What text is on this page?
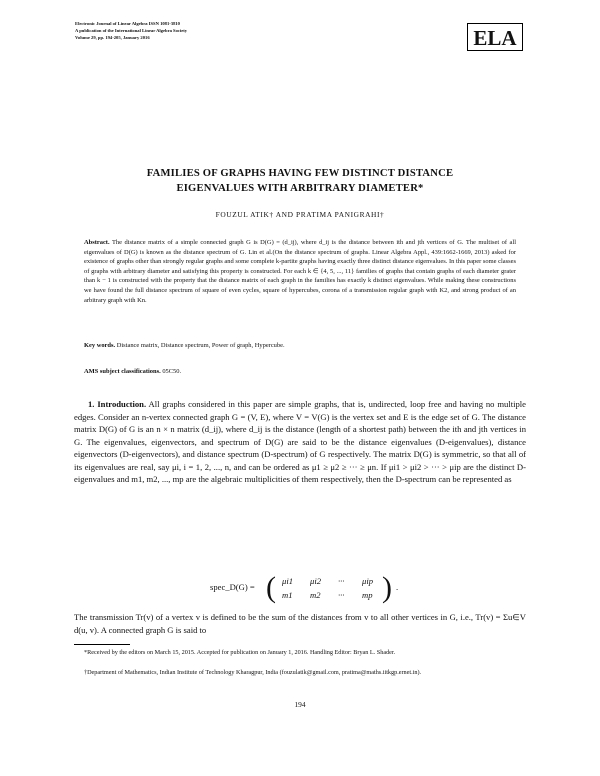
Electronic Journal of Linear Algebra ISSN 1081-3810
A publication of the International Linear Algebra Society
Volume 29, pp. 194-205, January 2016	ELA
FAMILIES OF GRAPHS HAVING FEW DISTINCT DISTANCE
EIGENVALUES WITH ARBITRARY DIAMETER*
FOUZUL ATIK† AND PRATIMA PANIGRAHI†
Abstract. The distance matrix of a simple connected graph G is D(G) = (d_ij), where d_ij is the distance between ith and jth vertices of G. The multiset of all eigenvalues of D(G) is known as the distance spectrum of G. Lin et al.(On the distance spectrum of graphs. Linear Algebra Appl., 439:1662-1669, 2013) asked for existence of graphs other than strongly regular graphs and some complete k-partite graphs having exactly three distinct distance eigenvalues. In this paper some classes of graphs with arbitrary diameter and satisfying this property is constructed. For each k ∈ {4, 5, ..., 11} families of graphs that contain graphs of each diameter grater than k − 1 is constructed with the property that the distance matrix of each graph in the families has exactly k distinct eigenvalues. While making these constructions we have found the full distance spectrum of square of even cycles, square of hypercubes, corona of a transmission regular graph with K2, and strong product of an arbitrary graph with Kn.
Key words. Distance matrix, Distance spectrum, Power of graph, Hypercube.
AMS subject classifications. 05C50.

1. Introduction. All graphs considered in this paper are simple graphs, that is, undirected, loop free and having no multiple edges. Consider an n-vertex connected graph G = (V, E), where V = V(G) is the vertex set and E is the edge set of G. The distance matrix D(G) of G is an n × n matrix (d_ij), where d_ij is the distance (length of a shortest path) between the ith and jth vertices in G. The eigenvalues, eigenvectors, and spectrum of D(G) are said to be the distance eigenvalues (D-eigenvalues), distance eigenvectors (D-eigenvectors), and distance spectrum (D-spectrum) of G respectively. The matrix D(G) is symmetric, so that all of its eigenvalues are real, say μi, i = 1, 2, ..., n, and can be ordered as μ1 ≥ μ2 ≥ ··· ≥ μn. If μi1 > μi2 > ··· > μip are the distinct D-eigenvalues and m1, m2, ..., mp are the algebraic multiplicities of them respectively, then the D-spectrum can be represented as

spec_D(G) = ( μi1 μi2 ··· μip
m1 m2 ··· mp ) .
The transmission Tr(v) of a vertex v is defined to be the sum of the distances from v to all other vertices in G, i.e., Tr(v) = Σu∈V d(u, v). A connected graph G is said to
*Received by the editors on March 15, 2015. Accepted for publication on January 1, 2016. Handling Editor: Bryan L. Shader.
†Department of Mathematics, Indian Institute of Technology Kharagpur, India (fouzulatik@gmail.com, pratima@maths.iitkgp.ernet.in).
194
